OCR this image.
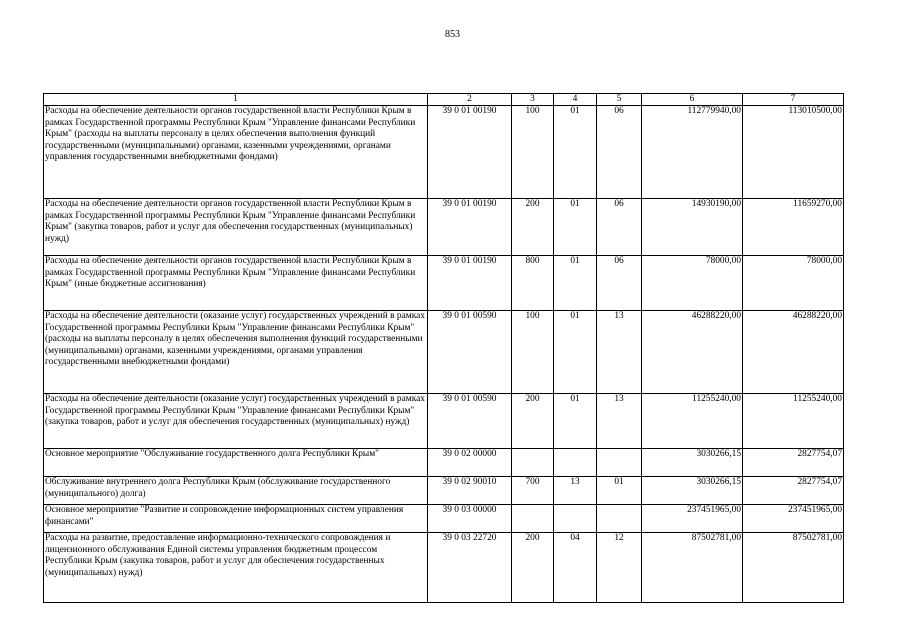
853
1	2	3	4	5	6	7
Расходы на обеспечение деятельности органов государственной власти Республики Крым в рамках Государственной программы Республики Крым "Управление финансами Республики Крым" (расходы на выплаты персоналу в целях обеспечения выполнения функций государственными (муниципальными) органами, казенными учреждениями, органами управления государственными внебюджетными фондами)	39 0 01 00190	100	01	06	112779940,00	113010500,00
Расходы на обеспечение деятельности органов государственной власти Республики Крым в рамках Государственной программы Республики Крым "Управление финансами Республики Крым" (закупка товаров, работ и услуг для обеспечения государственных (муниципальных) нужд)	39 0 01 00190	200	01	06	14930190,00	11659270,00
Расходы на обеспечение деятельности органов государственной власти Республики Крым в рамках Государственной программы Республики Крым "Управление финансами Республики Крым" (иные бюджетные ассигнования)	39 0 01 00190	800	01	06	78000,00	78000,00
Расходы на обеспечение деятельности (оказание услуг) государственных учреждений в рамках Государственной программы Республики Крым "Управление финансами Республики Крым" (расходы на выплаты персоналу в целях обеспечения выполнения функций государственными (муниципальными) органами, казенными учреждениями, органами управления государственными внебюджетными фондами)	39 0 01 00590	100	01	13	46288220,00	46288220,00
Расходы на обеспечение деятельности (оказание услуг) государственных учреждений в рамках Государственной программы Республики Крым "Управление финансами Республики Крым" (закупка товаров, работ и услуг для обеспечения государственных (муниципальных) нужд)	39 0 01 00590	200	01	13	11255240,00	11255240,00
Основное мероприятие "Обслуживание государственного долга Республики Крым"	39 0 02 00000				3030266,15	2827754,07
Обслуживание внутреннего долга Республики Крым (обслуживание государственного (муниципального) долга)	39 0 02 90010	700	13	01	3030266,15	2827754,07
Основное мероприятие "Развитие и сопровождение информационных систем управления финансами"	39 0 03 00000				237451965,00	237451965,00
Расходы на развитие, предоставление информационно-технического сопровождения и лицензионного обслуживания Единой системы управления бюджетным процессом Республики Крым (закупка товаров, работ и услуг для обеспечения государственных (муниципальных) нужд)	39 0 03 22720	200	04	12	87502781,00	87502781,00
